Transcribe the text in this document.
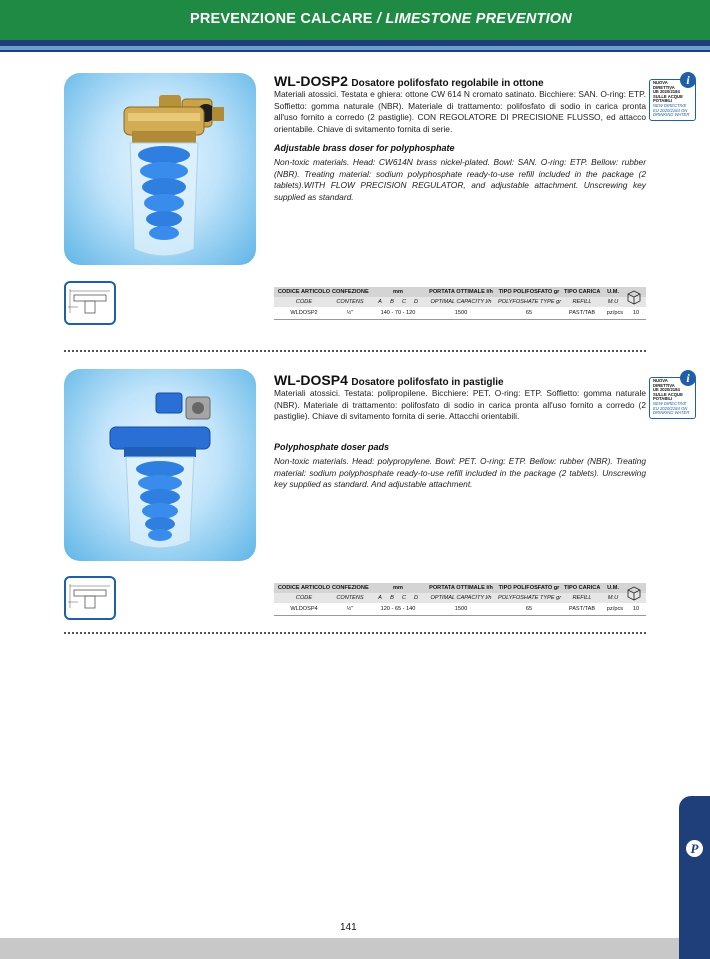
PREVENZIONE CALCARE / LIMESTONE PREVENTION
WL-DOSP2 Dosatore polifosfato regolabile in ottone
Materiali atossici. Testata e ghiera: ottone CW 614 N cromato satinato. Bicchiere: SAN. O-ring: ETP. Soffietto: gomma naturale (NBR). Materiale di trattamento: polifosfato di sodio in carica pronta all'uso fornito a corredo (2 pastiglie). CON REGOLATORE DI PRECISIONE FLUSSO, ed attacco orientabile. Chiave di svitamento fornita di serie.
Adjustable brass doser for polyphosphate
Non-toxic materials. Head: CW614N brass nickel-plated. Bowl: SAN. O-ring: ETP. Bellow: rubber (NBR). Treating material: sodium polyphosphate ready-to-use refill included in the package (2 tablets).WITH FLOW PRECISION REGULATOR, and adjustable attachment. Unscrewing key supplied as standard.
NUOVA
DIRETTIVA
UE 2020/2184
SULLE ACQUE
POTABILI
NEW DIRECTIVE
EU 2020/2184 ON
DRINKING WATER
i
CODICE ARTICOLO CONFEZIONE	mm	PORTATA OTTIMALE l/h TIPO POLIFOSFATO gr TIPO CARICA	U.M.
CODE	CONTENS	A	B	C	D	OPTIMAL CAPACITY l/h	POLYFOSHATE TYPE gr	REFILL	M.U
WLDOSP2	½"	140 - 70 - 120	1500	65	PAST/TAB	pz/pcs	10
WL-DOSP4 Dosatore polifosfato in pastiglie
Materiali atossici. Testata: polipropilene. Bicchiere: PET. O-ring: ETP. Soffietto: gomma naturale (NBR). Materiale di trattamento: polifosfato di sodio in carica pronta all'uso fornito a corredo (2 pastiglie). Chiave di svitamento fornita di serie. Attacchi orientabili.
Polyphosphate doser pads
Non-toxic materials. Head: polypropylene. Bowl: PET. O-ring: ETP. Bellow: rubber (NBR). Treating material: sodium polyphosphate ready-to-use refill included in the package (2 tablets). Unscrewing key supplied as standard. And adjustable attachment.
NUOVA
DIRETTIVA
UE 2020/2184
SULLE ACQUE
POTABILI
NEW DIRECTIVE
EU 2020/2184 ON
DRINKING WATER
i
CODICE ARTICOLO CONFEZIONE	mm	PORTATA OTTIMALE l/h TIPO POLIFOSFATO gr TIPO CARICA	U.M.
CODE	CONTENS	A	B	C	D	OPTIMAL CAPACITY l/h	POLYFOSHATE TYPE gr	REFILL	M.U
WLDOSP4	½"	120 - 65 - 140	1500	65	PAST/TAB	pz/pcs	10
P
141
